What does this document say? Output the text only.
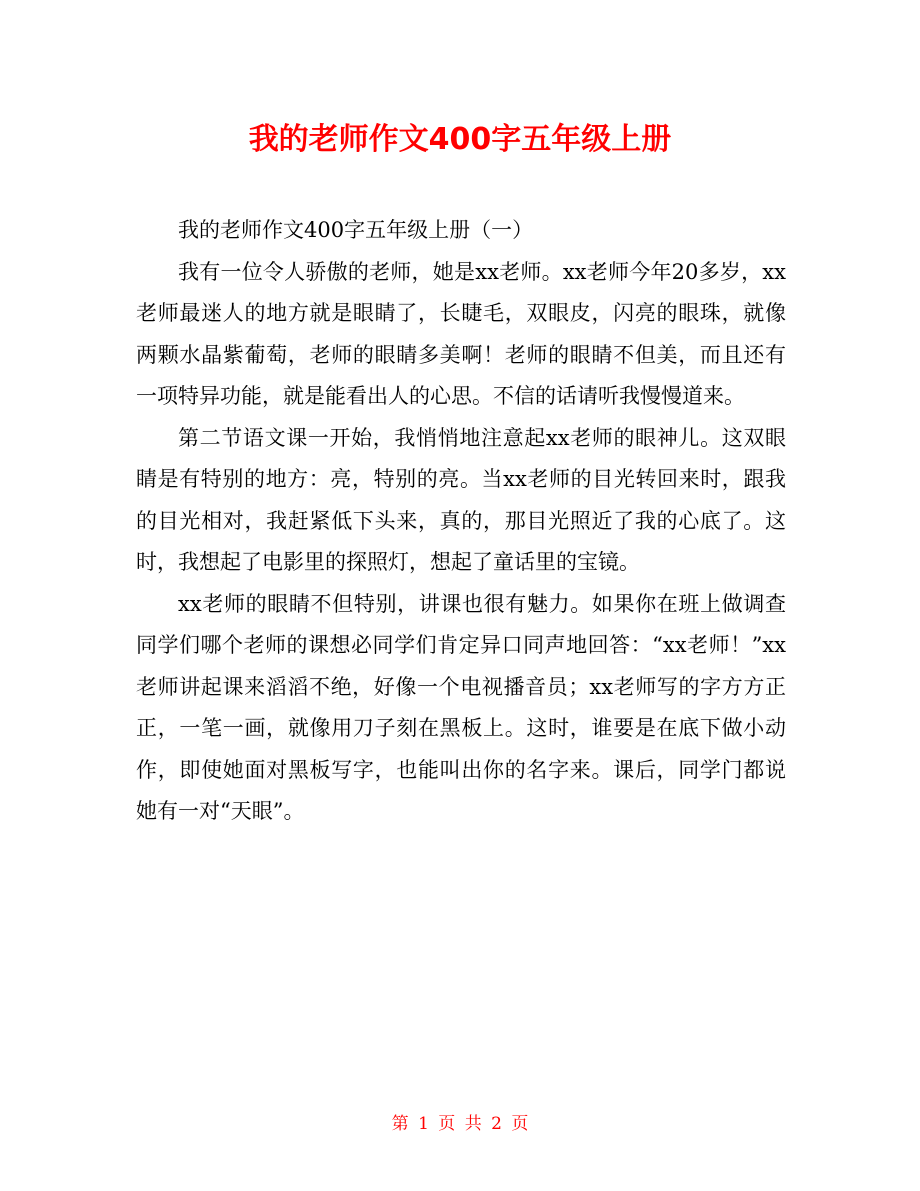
我的老师作文400字五年级上册

我的老师作文400字五年级上册（一）

我有一位令人骄傲的老师，她是xx老师。xx老师今年20多岁，xx老师最迷人的地方就是眼睛了，长睫毛，双眼皮，闪亮的眼珠，就像两颗水晶紫葡萄，老师的眼睛多美啊！老师的眼睛不但美，而且还有一项特异功能，就是能看出人的心思。不信的话请听我慢慢道来。

第二节语文课一开始，我悄悄地注意起xx老师的眼神儿。这双眼睛是有特别的地方：亮，特别的亮。当xx老师的目光转回来时，跟我的目光相对，我赶紧低下头来，真的，那目光照近了我的心底了。这时，我想起了电影里的探照灯，想起了童话里的宝镜。

xx老师的眼睛不但特别，讲课也很有魅力。如果你在班上做调查同学们哪个老师的课想必同学们肯定异口同声地回答：“xx老师！”xx老师讲起课来滔滔不绝，好像一个电视播音员；xx老师写的字方方正正，一笔一画，就像用刀子刻在黑板上。这时，谁要是在底下做小动作，即使她面对黑板写字，也能叫出你的名字来。课后，同学门都说她有一对“天眼”。

第 1 页 共 2 页
